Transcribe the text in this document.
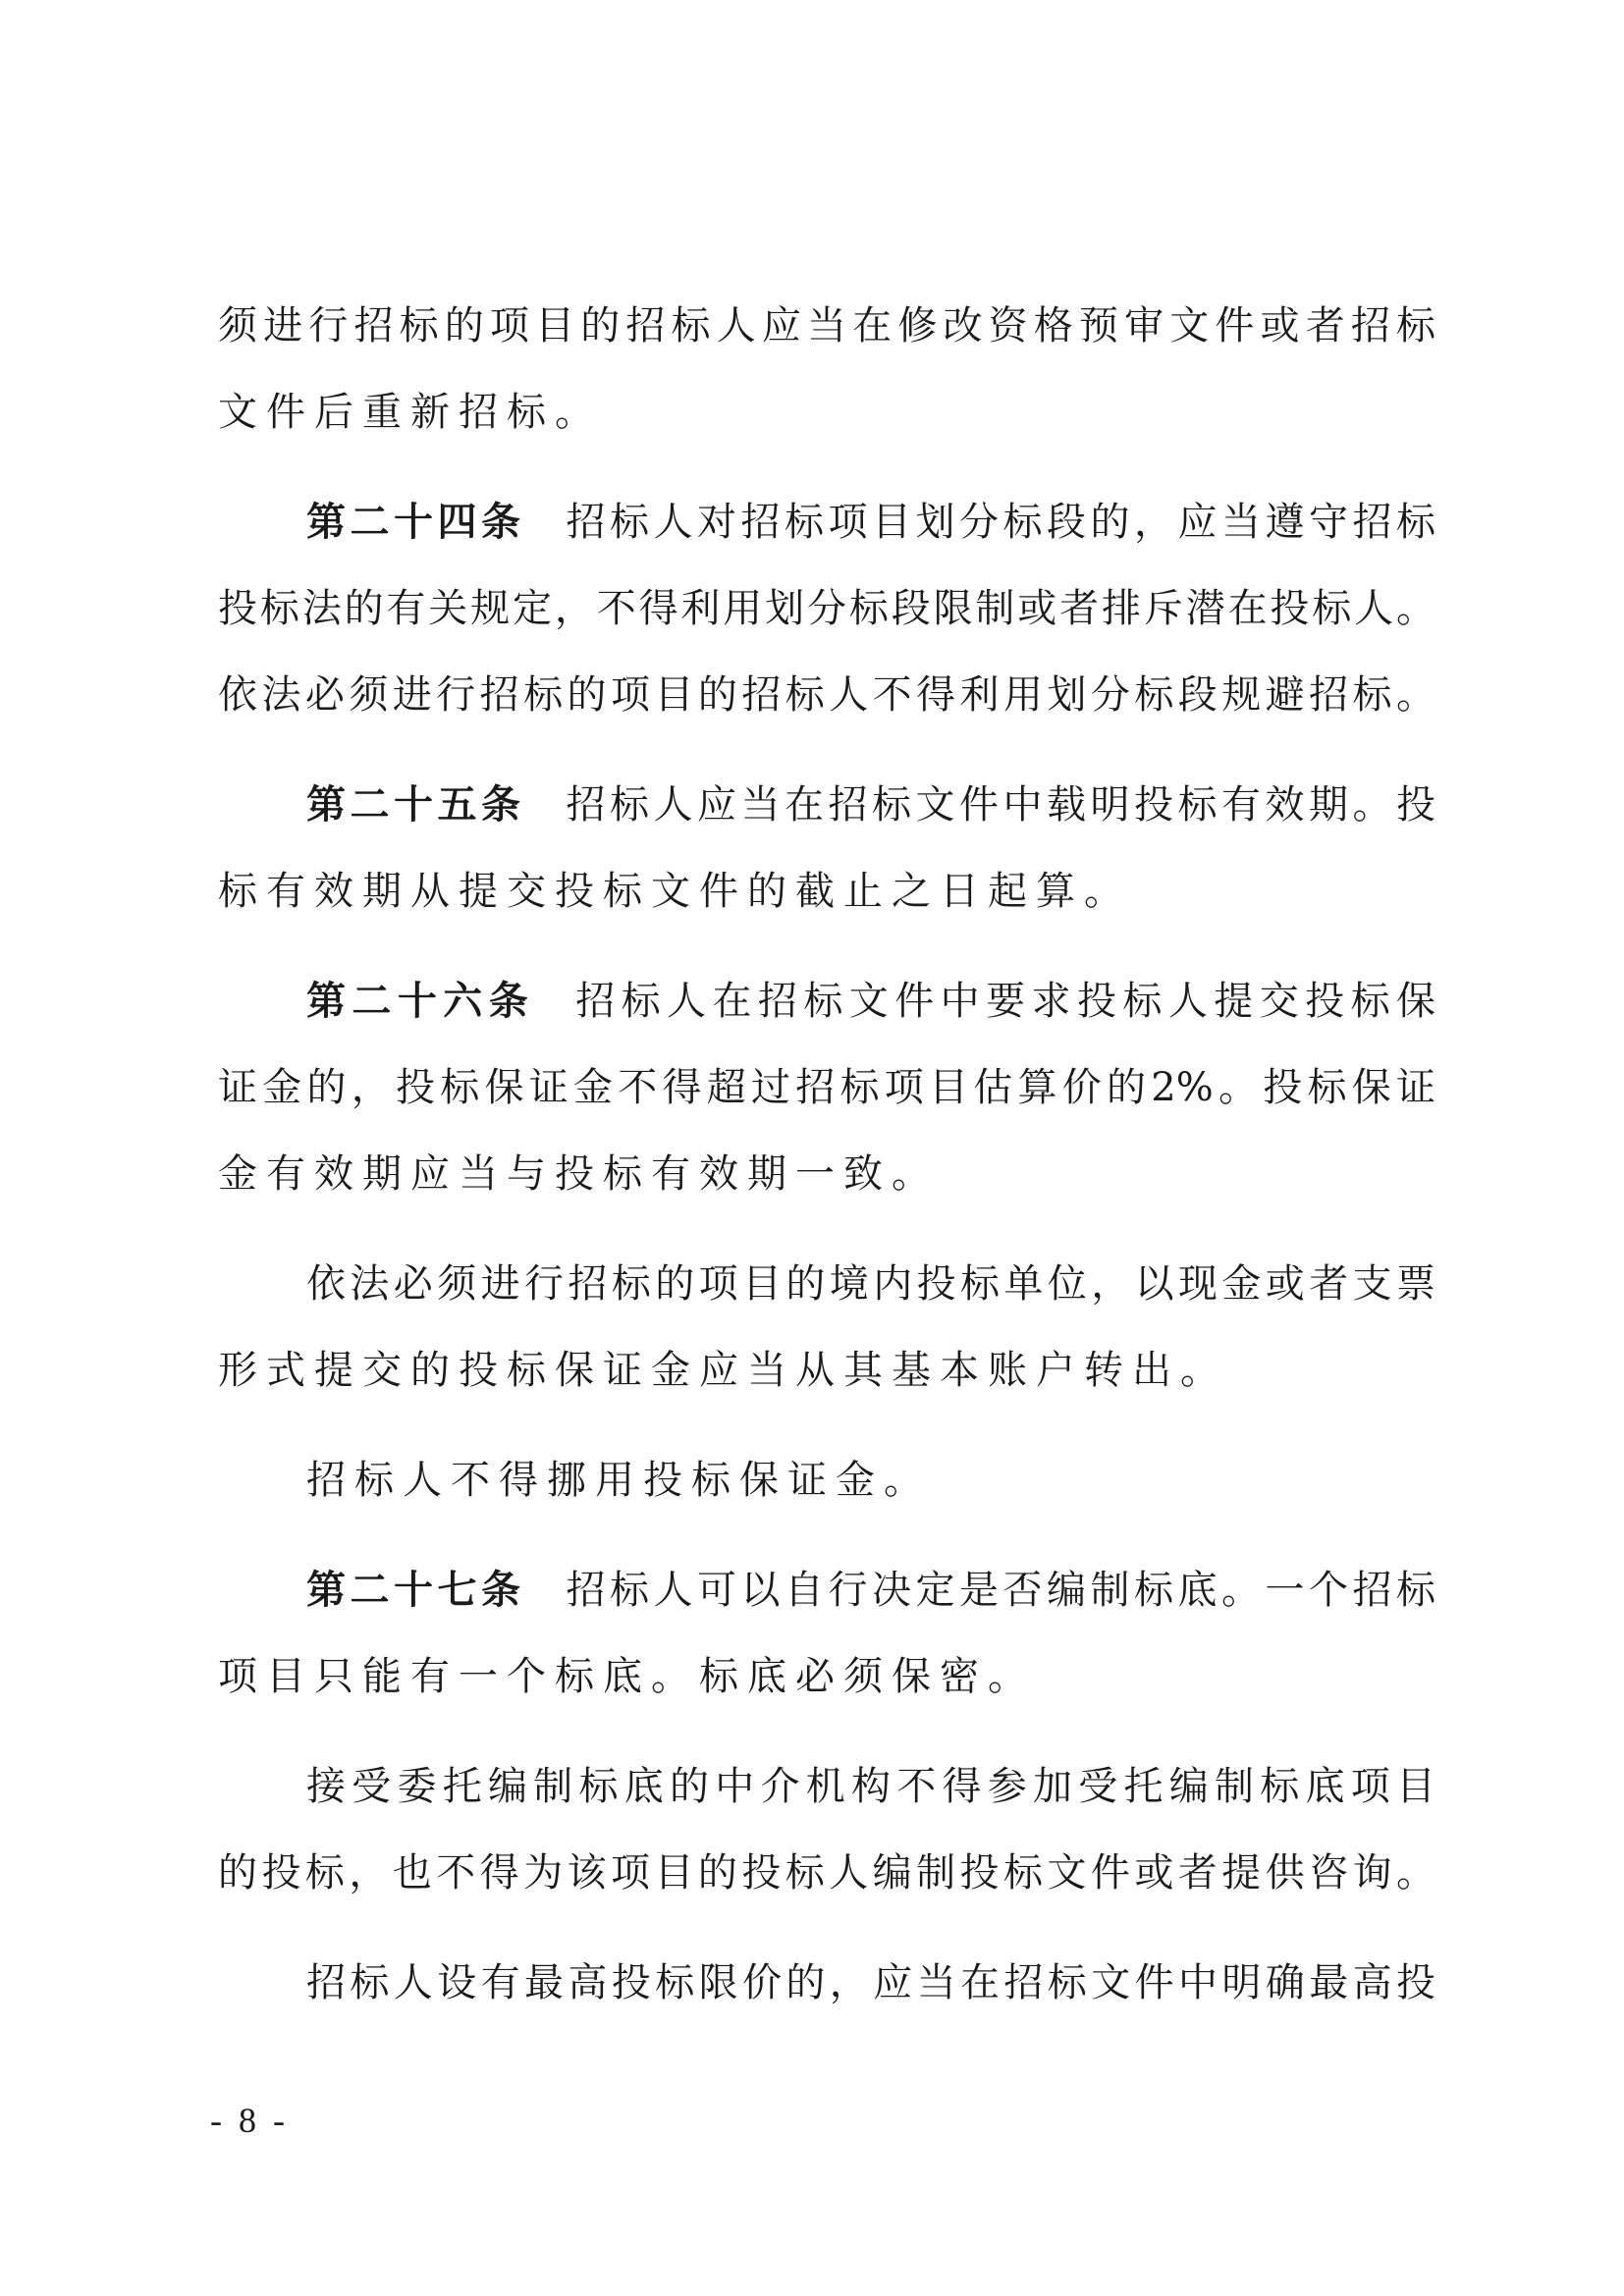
须进行招标的项目的招标人应当在修改资格预审文件或者招标
文件后重新招标。
第二十四条 招标人对招标项目划分标段的，应当遵守招标
投标法的有关规定，不得利用划分标段限制或者排斥潜在投标人。
依法必须进行招标的项目的招标人不得利用划分标段规避招标。
第二十五条 招标人应当在招标文件中载明投标有效期。投
标有效期从提交投标文件的截止之日起算。
第二十六条 招标人在招标文件中要求投标人提交投标保
证金的，投标保证金不得超过招标项目估算价的2%。投标保证
金有效期应当与投标有效期一致。
依法必须进行招标的项目的境内投标单位，以现金或者支票
形式提交的投标保证金应当从其基本账户转出。
招标人不得挪用投标保证金。
第二十七条 招标人可以自行决定是否编制标底。一个招标
项目只能有一个标底。标底必须保密。
接受委托编制标底的中介机构不得参加受托编制标底项目
的投标，也不得为该项目的投标人编制投标文件或者提供咨询。
招标人设有最高投标限价的，应当在招标文件中明确最高投
- 8 -
